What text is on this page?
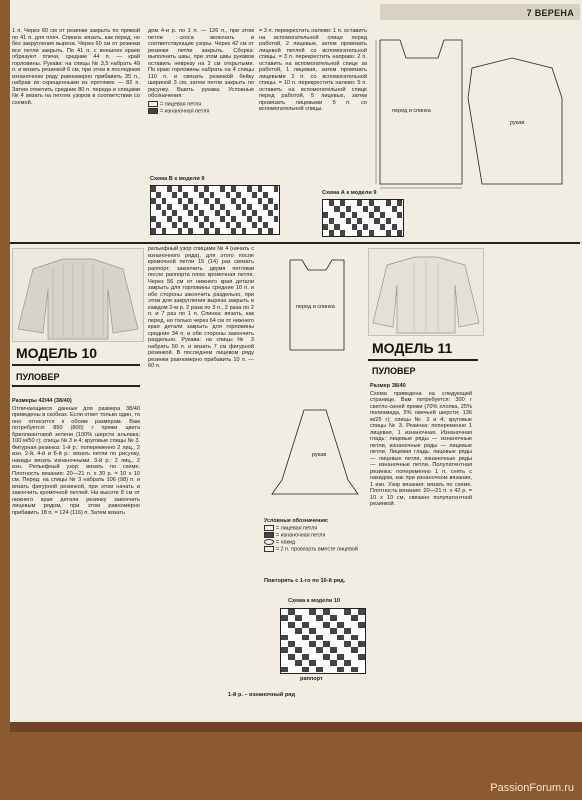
7 ВЕРЕНА
1 п. Через 60 см от резинки закрыть по прямой по 41 п. для плеч. Спинка: вязать, как перед, но без закругления выреза. Через 60 см от резинки все петли закрыть. По 41 п. с внешних краев образуют плечи, средние 44 п. — край горловины. Рукава: на спицы № 3,5 набрать 49 п. и вязать резинкой 6 см, при этом в последнем изнаночном ряду равномерно прибавить 35 п., набрав их скрещенными из протяжек — 82 п. Затем отметить средние 80 п. переда и спицами № 4 вязать на петлях узоров в соответствии со схемой.

дом 4-и р. по 1 п. — 126 п., при этом петли скоса включать в соответствующие узоры. Через 42 см от резинки петли закрыть. Сборка: выполнить швы, при этом швы рукавов оставить неврезу на 2 см открытыми. По краю горловины набрать на 4 спицы 110 п. и связать резинкой бейку шириной 3 см, затем петли закрыть по рисунку. Вшить рукава. Условные обозначения:

= лицевая петля
= изнаночная петля
= 3 п. перекрестить налево: 1 п. оставить на вспомогательной спице перед работой, 2 лицевые, затем провязать лицевой петлей со вспомогательной спицы. = 3 п. перекрестить направо: 2 п. оставить на вспомогательной спице за работой, 1 лицевая, затем провязать лицевыми 2 п. со вспомогательной спицы. = 10 п. перекрестить налево: 5 п. оставить на вспомогательной спице перед работой, 5 лицевых, затем провязать лицевыми 5 п. со вспомогательной спицы.	перед и спинка
рукав
Схема В к модели 9
Схема А к модели 9
МОДЕЛЬ 10
ПУЛОВЕР
рельефный узор спицами № 4 (начать с изнаночного ряда), для этого после кромочной петли 15 (14) раз связать раппорт, закончить двумя петлями после раппорта плюс кромочная петля. Через 56 см от нижнего края детали закрыть для горловины средние 10 п. и обе стороны закончить раздельно, при этом для закругления выреза закрыть в каждом 2-м р. 2 раза по 3 п., 2 раза по 2 п. и 7 раз по 1 п. Спинка: вязать, как перед, но только через 64 см от нижнего края детали закрыть для горловины средние 34 п. и обе стороны закончить раздельно. Рукава: на спицы № 3 набрать 50 п. и вязать 7 см фигурной резинкой. В последнем лицевом ряду резинки равномерно прибавить 10 п. — 60 п.

Размеры 42/44 (38/40)

Отличающиеся данные для размера 38/40 приведены в скобках. Если ответ только один, то оно относится к обоим размерам. Вам потребуется: 850 (800) г пряжи цвета бриллиантовой зелени (100% шерсти альпака; 100 м/50 г); спицы № 3 и 4; круговые спицы № 3. Фигурная резинка: 1-й р.: попеременно 2 лиц., 2 изн. 2-й, 4-й и 6-й р.: вязать петли по рисунку, накиды вязать изнаночными. 3-й р.: 2 лиц., 2 изн. Рельефный узор: вязать по схеме. Плотность вязания: 20—21 п. х 30 р. = 10 х 10 см. Перед: на спицы № 3 набрать 106 (98) п. и вязать фигурной резинкой, при этом начать и закончить кромочной петлей. На высоте 8 см от нижнего края детали резинку закончить лицевым рядом, при этом равномерно прибавить 18 п. = 124 (116) п. Затем вязать

перед и спинка
рукав
МОДЕЛЬ 11
ПУЛОВЕР

Размер 38/40

Схема приведена на следующей странице. Вам потребуется: 300 г светло-синей пряжи (70% хлопка, 25% полиамида, 5% овечьей шерсти; 136 м/25 г); спицы № 3 и 4; круговые спицы № 3. Резинка: попеременно 1 лицевая, 1 изнаночная. Изнаночная гладь: лицевые ряды — изнаночные петли, изнаночные ряды — лицевые петли. Лицевая гладь: лицевые ряды — лицевые петли, изнаночные ряды — изнаночные петли. Полупатентная резинка: попеременно 1 п. снять с накидом, как при изнаночном вязании, 1 изн. Узор вязания: вязать по схеме. Плотность вязания: 20—21 п. х 42 р. = 10 х 10 см, связано полупатентной резинкой.

Условные обозначения:
= лицевая петля
= изнаночная петля
= накид
= 2 п. провязать вместе лицевой
Повторять с 1-го по 10-й ряд.
Схема к модели 10
раппорт
1-й р. – изнаночный ряд
PassionForum.ru
